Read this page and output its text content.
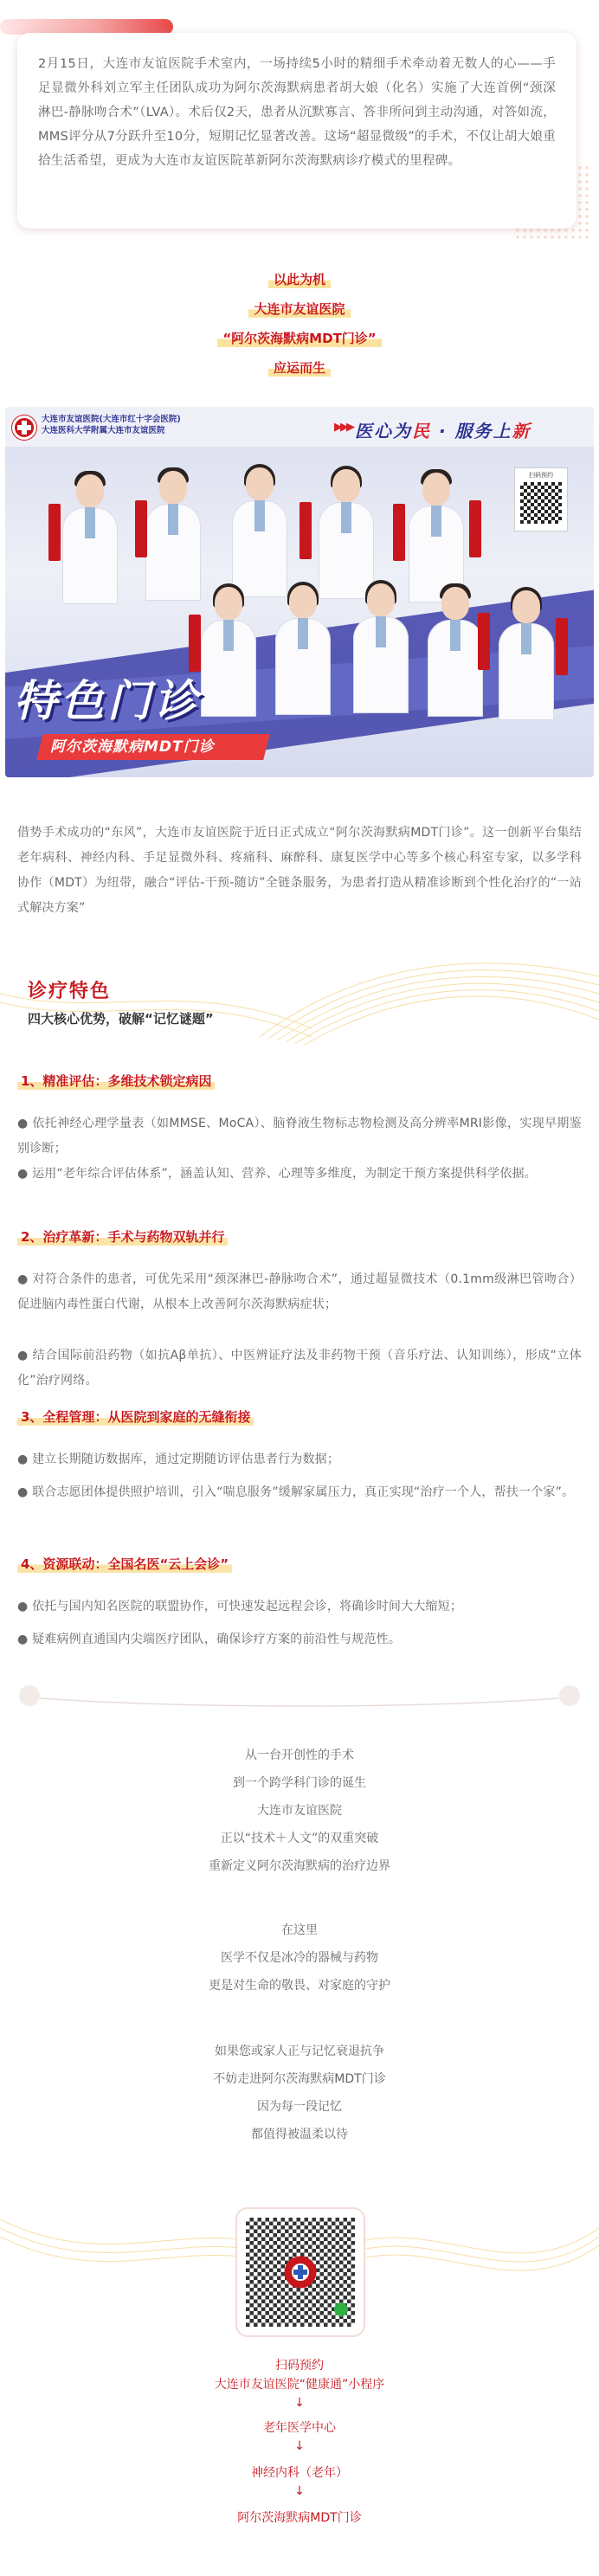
2月15日，大连市友谊医院手术室内，一场持续5小时的精细手术牵动着无数人的心——手足显微外科刘立军主任团队成功为阿尔茨海默病患者胡大娘（化名）实施了大连首例“颈深淋巴-静脉吻合术”（LVA）。术后仅2天，患者从沉默寡言、答非所问到主动沟通，对答如流，MMS评分从7分跃升至10分，短期记忆显著改善。这场“超显微级”的手术，不仅让胡大娘重拾生活希望，更成为大连市友谊医院革新阿尔茨海默病诊疗模式的里程碑。

以此为机
大连市友谊医院
“阿尔茨海默病MDT门诊”
应运而生
大连市友谊医院(大连市红十字会医院)
大连医科大学附属大连市友谊医院	▶▶▶ 医心为民 · 服务上新
扫码预约
特色门诊
阿尔茨海默病MDT门诊
借势手术成功的“东风”，大连市友谊医院于近日正式成立“阿尔茨海默病MDT门诊”。这一创新平台集结老年病科、神经内科、手足显微外科、疼痛科、麻醉科、康复医学中心等多个核心科室专家，以多学科协作（MDT）为纽带，融合“评估-干预-随访”全链条服务，为患者打造从精准诊断到个性化治疗的“一站式解决方案”
诊疗特色
四大核心优势，破解“记忆谜题”
1、精准评估：多维技术锁定病因
● 依托神经心理学量表（如MMSE、MoCA）、脑脊液生物标志物检测及高分辨率MRI影像，实现早期鉴别诊断；
● 运用“老年综合评估体系”，涵盖认知、营养、心理等多维度，为制定干预方案提供科学依据。
2、治疗革新：手术与药物双轨并行
● 对符合条件的患者，可优先采用“颈深淋巴-静脉吻合术”，通过超显微技术（0.1mm级淋巴管吻合）促进脑内毒性蛋白代谢，从根本上改善阿尔茨海默病症状；
● 结合国际前沿药物（如抗Aβ单抗）、中医辨证疗法及非药物干预（音乐疗法、认知训练），形成“立体化”治疗网络。
3、全程管理：从医院到家庭的无缝衔接
● 建立长期随访数据库，通过定期随访评估患者行为数据；
● 联合志愿团体提供照护培训，引入“喘息服务”缓解家属压力，真正实现“治疗一个人，帮扶一个家”。
4、资源联动：全国名医“云上会诊”
● 依托与国内知名医院的联盟协作，可快速发起远程会诊，将确诊时间大大缩短；
● 疑难病例直通国内尖端医疗团队，确保诊疗方案的前沿性与规范性。
从一台开创性的手术
到一个跨学科门诊的诞生
大连市友谊医院
正以“技术＋人文”的双重突破
重新定义阿尔茨海默病的治疗边界
在这里
医学不仅是冰冷的器械与药物
更是对生命的敬畏、对家庭的守护
如果您或家人正与记忆衰退抗争
不妨走进阿尔茨海默病MDT门诊
因为每一段记忆
都值得被温柔以待
扫码预约
大连市友谊医院“健康通”小程序
↓
老年医学中心
↓
神经内科（老年）
↓
阿尔茨海默病MDT门诊
